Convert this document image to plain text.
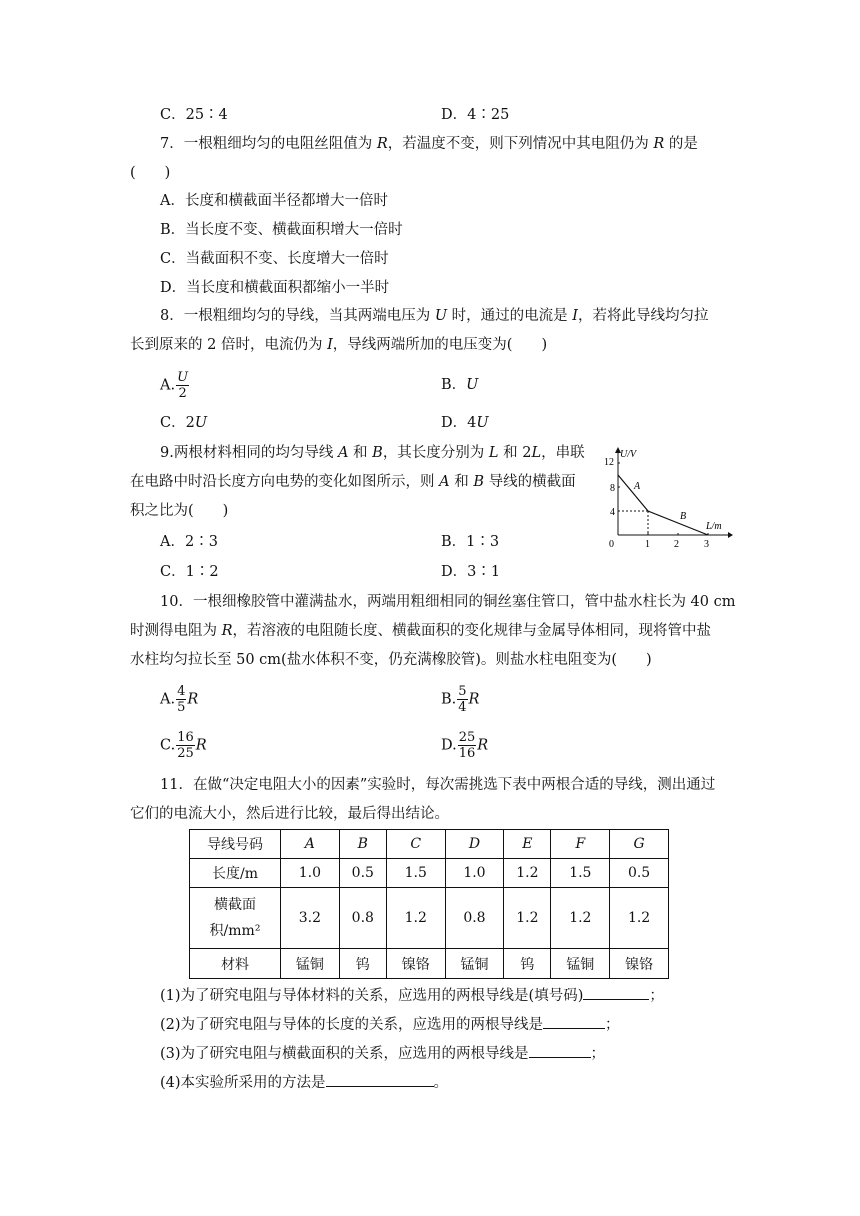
C．25∶4	D．4∶25
7．一根粗细均匀的电阻丝阻值为 R，若温度不变，则下列情况中其电阻仍为 R 的是
(　　)
A．长度和横截面半径都增大一倍时
B．当长度不变、横截面积增大一倍时
C．当截面积不变、长度增大一倍时
D．当长度和横截面积都缩小一半时
8．一根粗细均匀的导线，当其两端电压为 U 时，通过的电流是 I，若将此导线均匀拉
长到原来的 2 倍时，电流仍为 I，导线两端所加的电压变为(　　)
A. $\frac{U}{2}$	B．U
C．2U	D．4U
9.两根材料相同的均匀导线 A 和 B，其长度分别为 L 和 2L，串联
在电路中时沿长度方向电势的变化如图所示，则 A 和 B 导线的横截面
积之比为(　　)
A．2∶3	B．1∶3
C．1∶2	D．3∶1
U/V
L/m
0	1 2	3
4
8
12
A
B
10．一根细橡胶管中灌满盐水，两端用粗细相同的铜丝塞住管口，管中盐水柱长为 40 cm
时测得电阻为 R，若溶液的电阻随长度、横截面积的变化规律与金属导体相同，现将管中盐
水柱均匀拉长至 50 cm(盐水体积不变，仍充满橡胶管)。则盐水柱电阻变为(　　)
A. $\frac{4}{5}$ R	B. $\frac{5}{4}$ R
C. $\frac{16}{25}$ R	D. $\frac{25}{16}$ R
11．在做“决定电阻大小的因素”实验时，每次需挑选下表中两根合适的导线，测出通过
它们的电流大小，然后进行比较，最后得出结论。
导线号码	A	B	C	D	E	F	G
长度/m	1.0	0.5	1.5	1.0	1.2	1.5	0.5
横截面
积/mm²	3.2	0.8	1.2	0.8	1.2	1.2	1.2
材料	锰铜	钨	镍铬	锰铜	钨	锰铜	镍铬
(1)为了研究电阻与导体材料的关系，应选用的两根导线是(填号码)	；
(2)为了研究电阻与导体的长度的关系，应选用的两根导线是	；
(3)为了研究电阻与横截面积的关系，应选用的两根导线是	；
(4)本实验所采用的方法是	。
